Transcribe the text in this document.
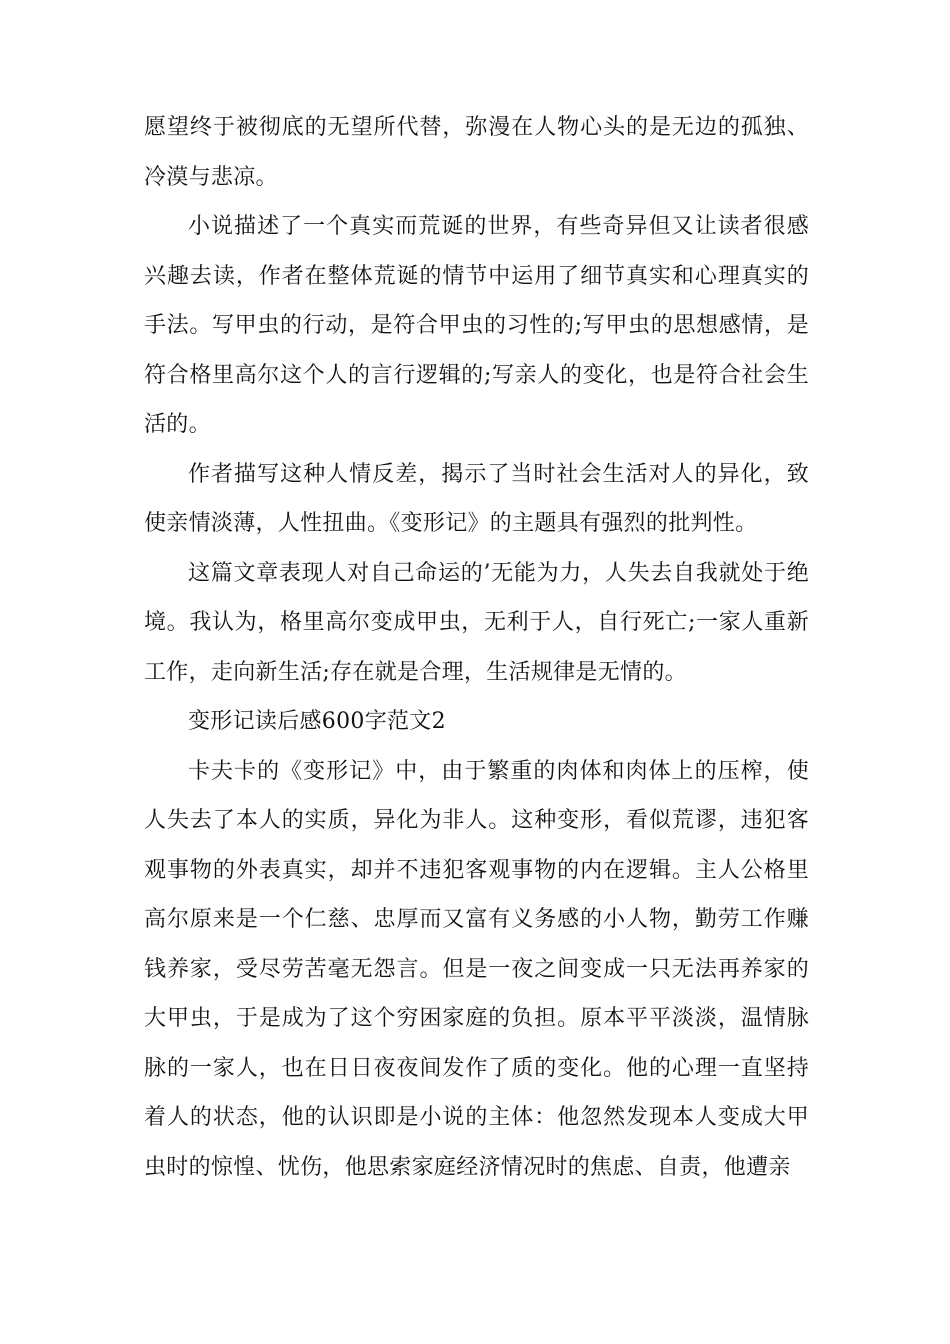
愿望终于被彻底的无望所代替，弥漫在人物心头的是无边的孤独、冷漠与悲凉。

小说描述了一个真实而荒诞的世界，有些奇异但又让读者很感兴趣去读，作者在整体荒诞的情节中运用了细节真实和心理真实的手法。写甲虫的行动，是符合甲虫的习性的;写甲虫的思想感情，是符合格里高尔这个人的言行逻辑的;写亲人的变化，也是符合社会生活的。

作者描写这种人情反差，揭示了当时社会生活对人的异化，致使亲情淡薄，人性扭曲。《变形记》的主题具有强烈的批判性。

这篇文章表现人对自己命运的’无能为力，人失去自我就处于绝境。我认为，格里高尔变成甲虫，无利于人，自行死亡;一家人重新工作，走向新生活;存在就是合理，生活规律是无情的。

变形记读后感600字范文2

卡夫卡的《变形记》中，由于繁重的肉体和肉体上的压榨，使人失去了本人的实质，异化为非人。这种变形，看似荒谬，违犯客观事物的外表真实，却并不违犯客观事物的内在逻辑。主人公格里高尔原来是一个仁慈、忠厚而又富有义务感的小人物，勤劳工作赚钱养家，受尽劳苦毫无怨言。但是一夜之间变成一只无法再养家的大甲虫，于是成为了这个穷困家庭的负担。原本平平淡淡，温情脉脉的一家人，也在日日夜夜间发作了质的变化。他的心理一直坚持着人的状态，他的认识即是小说的主体：他忽然发现本人变成大甲虫时的惊惶、忧伤，他思索家庭经济情况时的焦虑、自责，他遭亲
